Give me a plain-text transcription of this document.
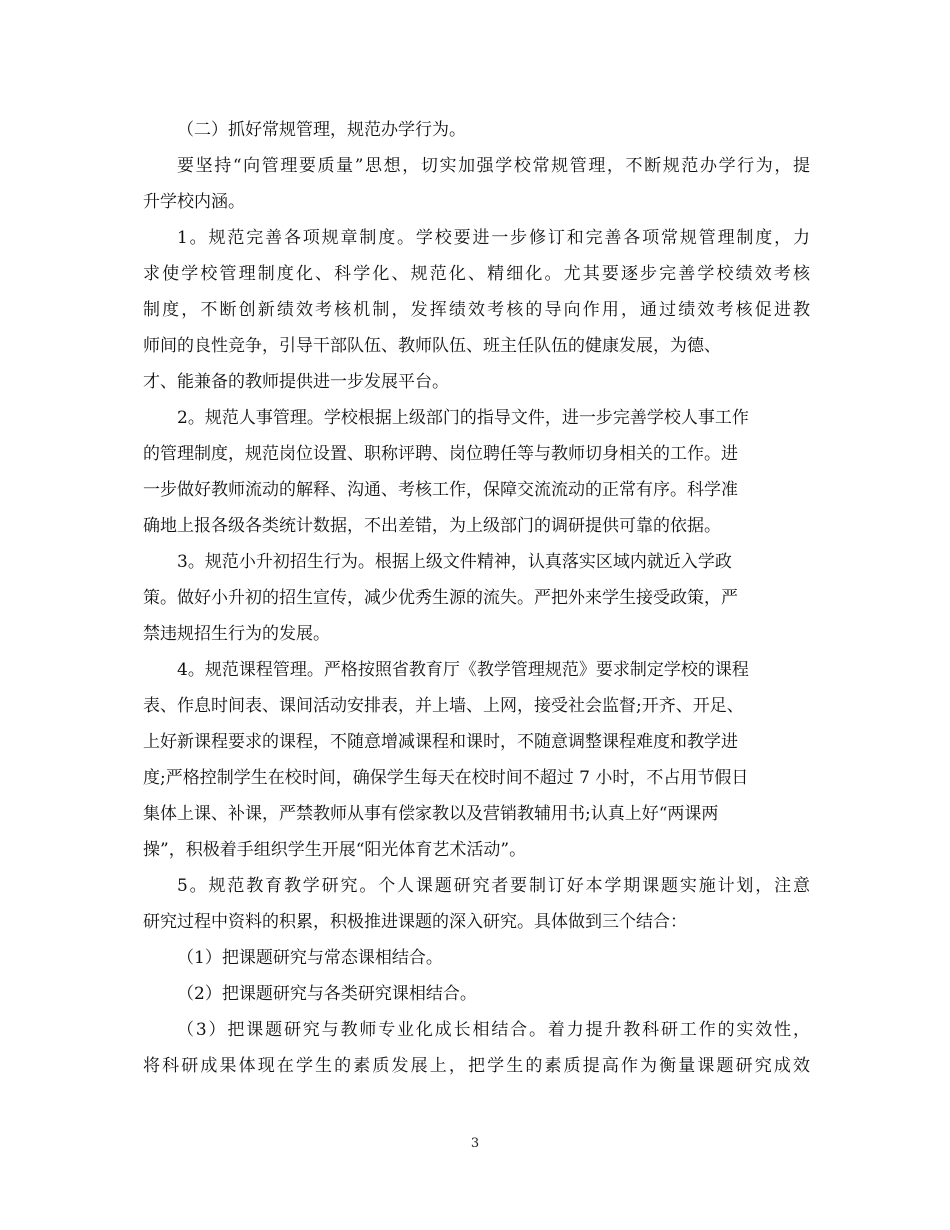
（二）抓好常规管理，规范办学行为。
要坚持“向管理要质量”思想，切实加强学校常规管理，不断规范办学行为，提
升学校内涵。
1。规范完善各项规章制度。学校要进一步修订和完善各项常规管理制度，力
求使学校管理制度化、科学化、规范化、精细化。尤其要逐步完善学校绩效考核
制度，不断创新绩效考核机制，发挥绩效考核的导向作用，通过绩效考核促进教
师间的良性竞争，引导干部队伍、教师队伍、班主任队伍的健康发展，为德、
才、能兼备的教师提供进一步发展平台。
2。规范人事管理。学校根据上级部门的指导文件，进一步完善学校人事工作
的管理制度，规范岗位设置、职称评聘、岗位聘任等与教师切身相关的工作。进
一步做好教师流动的解释、沟通、考核工作，保障交流流动的正常有序。科学准
确地上报各级各类统计数据，不出差错，为上级部门的调研提供可靠的依据。
3。规范小升初招生行为。根据上级文件精神，认真落实区域内就近入学政
策。做好小升初的招生宣传，减少优秀生源的流失。严把外来学生接受政策，严
禁违规招生行为的发展。
4。规范课程管理。严格按照省教育厅《教学管理规范》要求制定学校的课程
表、作息时间表、课间活动安排表，并上墙、上网，接受社会监督;开齐、开足、
上好新课程要求的课程，不随意增减课程和课时，不随意调整课程难度和教学进
度;严格控制学生在校时间，确保学生每天在校时间不超过 7 小时，不占用节假日
集体上课、补课，严禁教师从事有偿家教以及营销教辅用书;认真上好“两课两
操”，积极着手组织学生开展“阳光体育艺术活动”。
5。规范教育教学研究。个人课题研究者要制订好本学期课题实施计划，注意
研究过程中资料的积累，积极推进课题的深入研究。具体做到三个结合：
（1）把课题研究与常态课相结合。
（2）把课题研究与各类研究课相结合。
（3）把课题研究与教师专业化成长相结合。着力提升教科研工作的实效性，
将科研成果体现在学生的素质发展上，把学生的素质提高作为衡量课题研究成效
3
